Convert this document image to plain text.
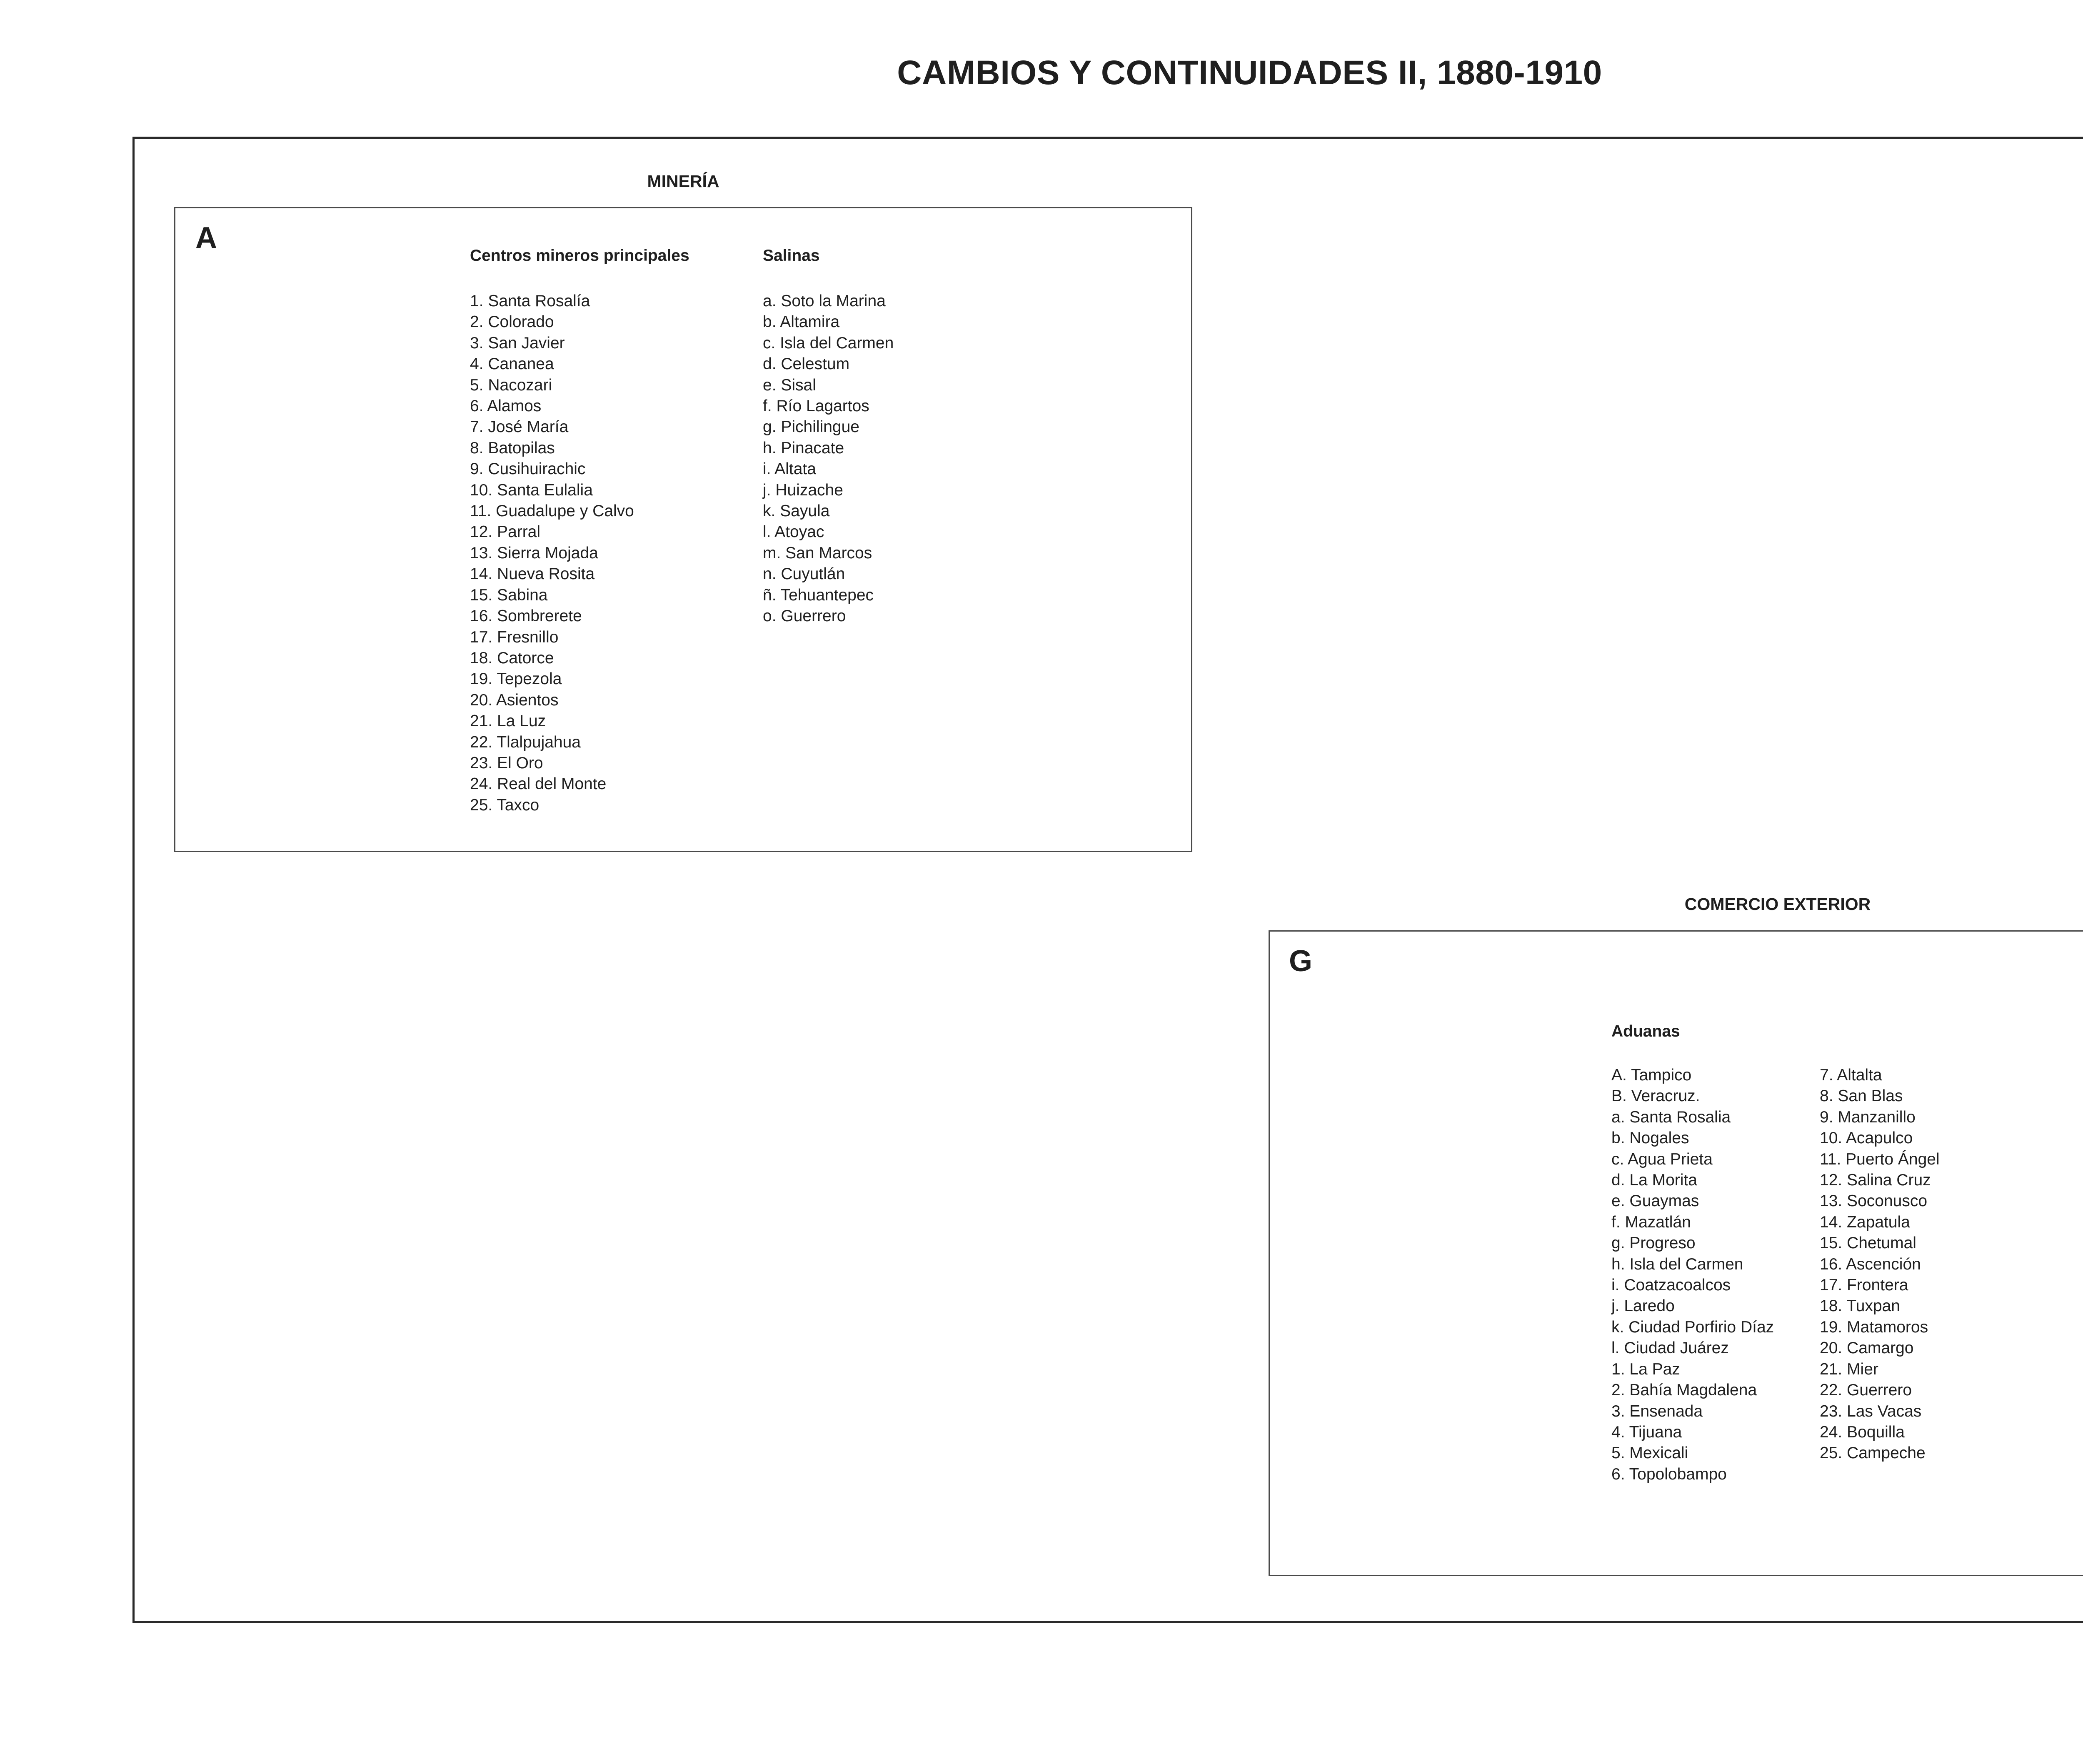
CAMBIOS Y CONTINUIDADES II, 1880-1910
MINERÍA
A
Centros mineros principales
1. Santa Rosalía
2. Colorado
3. San Javier
4. Cananea
5. Nacozari
6. Alamos
7. José María
8. Batopilas
9. Cusihuirachic
10. Santa Eulalia
11. Guadalupe y Calvo
12. Parral
13. Sierra Mojada
14. Nueva Rosita
15. Sabina
16. Sombrerete
17. Fresnillo
18. Catorce
19. Tepezola
20. Asientos
21. La Luz
22. Tlalpujahua
23. El Oro
24. Real del Monte
25. Taxco
Salinas
a. Soto la Marina
b. Altamira
c. Isla del Carmen
d. Celestum
e. Sisal
f. Río Lagartos
g. Pichilingue
h. Pinacate
i. Altata
j. Huizache
k. Sayula
l. Atoyac
m. San Marcos
n. Cuyutlán
ñ. Tehuantepec
o. Guerrero
COMERCIO EXTERIOR
G
Aduanas
A. Tampico
B. Veracruz.
a. Santa Rosalia
b. Nogales
c. Agua Prieta
d. La Morita
e. Guaymas
f. Mazatlán
g. Progreso
h. Isla del Carmen
i. Coatzacoalcos
j. Laredo
k. Ciudad Porfirio Díaz
l. Ciudad Juárez
1. La Paz
2. Bahía Magdalena
3. Ensenada
4. Tijuana
5. Mexicali
6. Topolobampo
7. Altalta
8. San Blas
9. Manzanillo
10. Acapulco
11. Puerto Ángel
12. Salina Cruz
13. Soconusco
14. Zapatula
15. Chetumal
16. Ascención
17. Frontera
18. Tuxpan
19. Matamoros
20. Camargo
21. Mier
22. Guerrero
23. Las Vacas
24. Boquilla
25. Campeche
